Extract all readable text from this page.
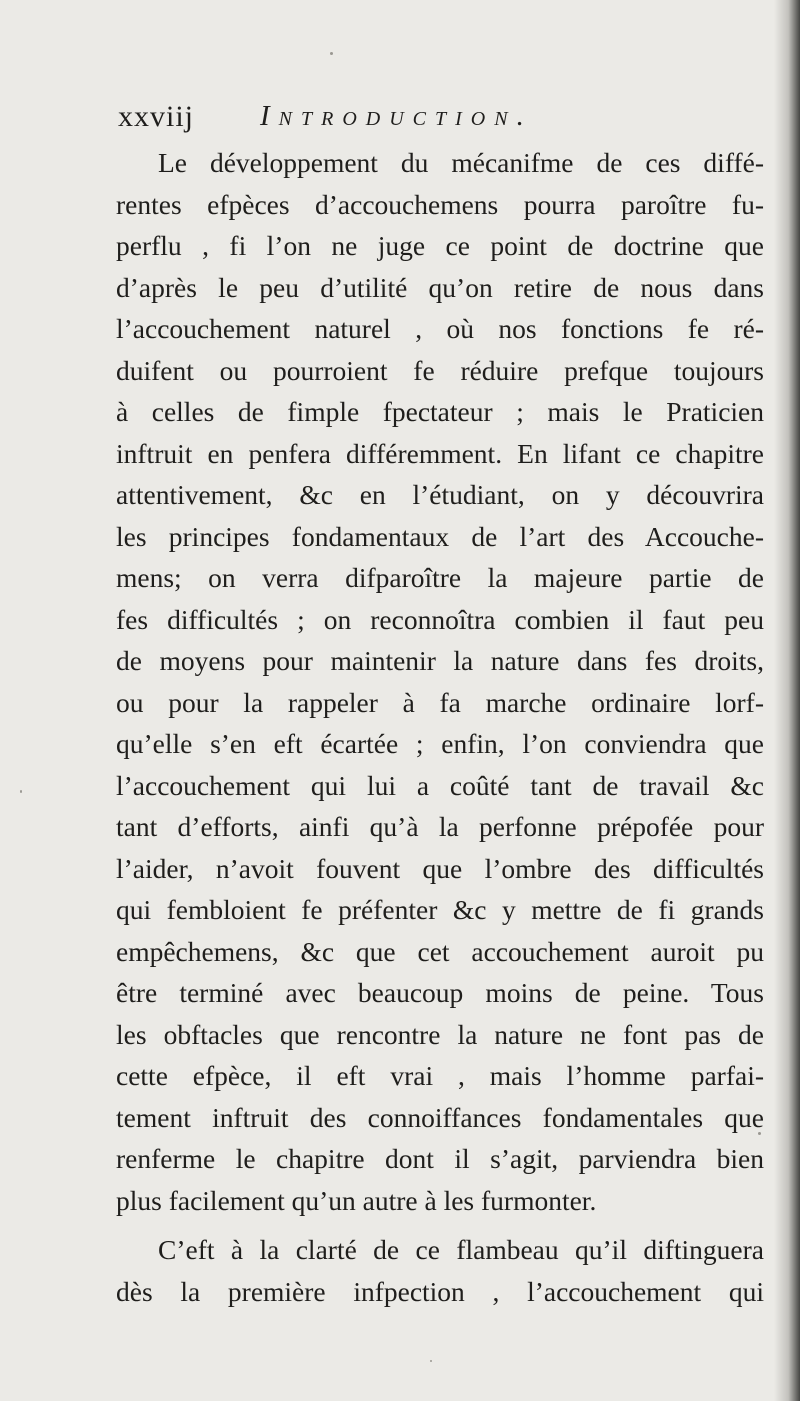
xxviij Introduction.

Le développement du mécanifme de ces diffé-
rentes efpèces d’accouchemens pourra paroître fu-
perflu , fi l’on ne juge ce point de doctrine que
d’après le peu d’utilité qu’on retire de nous dans
l’accouchement naturel , où nos fonctions fe ré-
duifent ou pourroient fe réduire prefque toujours
à celles de fimple fpectateur ; mais le Praticien
inftruit en penfera différemment. En lifant ce chapitre
attentivement, &c en l’étudiant, on y découvrira
les principes fondamentaux de l’art des Accouche-
mens; on verra difparoître la majeure partie de
fes difficultés ; on reconnoîtra combien il faut peu
de moyens pour maintenir la nature dans fes droits,
ou pour la rappeler à fa marche ordinaire lorf-
qu’elle s’en eft écartée ; enfin, l’on conviendra que
l’accouchement qui lui a coûté tant de travail &c
tant d’efforts, ainfi qu’à la perfonne prépofée pour
l’aider, n’avoit fouvent que l’ombre des difficultés
qui fembloient fe préfenter &c y mettre de fi grands
empêchemens, &c que cet accouchement auroit pu
être terminé avec beaucoup moins de peine. Tous
les obftacles que rencontre la nature ne font pas de
cette efpèce, il eft vrai , mais l’homme parfai-
tement inftruit des connoiffances fondamentales que
renferme le chapitre dont il s’agit, parviendra bien
plus facilement qu’un autre à les furmonter.

C’eft à la clarté de ce flambeau qu’il diftinguera
dès la première infpection , l’accouchement qui
